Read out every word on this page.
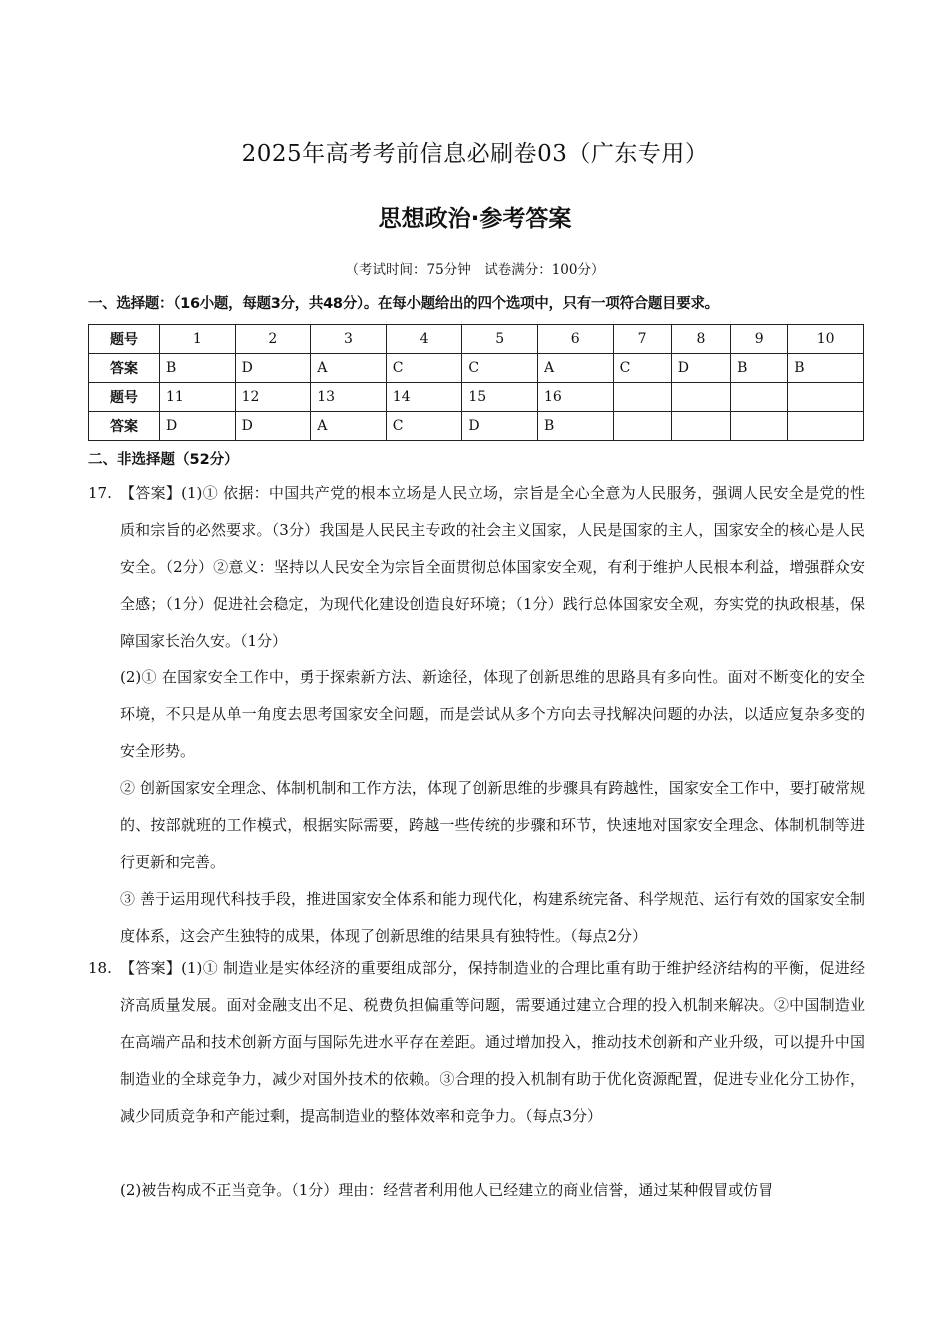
2025年高考考前信息必刷卷03（广东专用）
思想政治·参考答案
（考试时间：75分钟　试卷满分：100分）
一、选择题：（16小题，每题3分，共48分）。在每小题给出的四个选项中，只有一项符合题目要求。
题号	1	2	3	4	5	6	7	8	9	10
答案	B	D	A	C	C	A	C	D	B	B
题号	11	12	13	14	15	16				
答案	D	D	A	C	D	B				
二、非选择题（52分）
17. 【答案】(1)① 依据：中国共产党的根本立场是人民立场，宗旨是全心全意为人民服务，强调人民安全是党的性质和宗旨的必然要求。（3分）我国是人民民主专政的社会主义国家，人民是国家的主人，国家安全的核心是人民安全。（2分）②意义：坚持以人民安全为宗旨全面贯彻总体国家安全观，有利于维护人民根本利益，增强群众安全感；（1分）促进社会稳定，为现代化建设创造良好环境；（1分）践行总体国家安全观，夯实党的执政根基，保障国家长治久安。（1分）
(2)① 在国家安全工作中，勇于探索新方法、新途径，体现了创新思维的思路具有多向性。面对不断变化的安全环境，不只是从单一角度去思考国家安全问题，而是尝试从多个方向去寻找解决问题的办法，以适应复杂多变的安全形势。
② 创新国家安全理念、体制机制和工作方法，体现了创新思维的步骤具有跨越性，国家安全工作中，要打破常规的、按部就班的工作模式，根据实际需要，跨越一些传统的步骤和环节，快速地对国家安全理念、体制机制等进行更新和完善。
③ 善于运用现代科技手段，推进国家安全体系和能力现代化，构建系统完备、科学规范、运行有效的国家安全制度体系，这会产生独特的成果，体现了创新思维的结果具有独特性。（每点2分）
18. 【答案】(1)① 制造业是实体经济的重要组成部分，保持制造业的合理比重有助于维护经济结构的平衡，促进经济高质量发展。面对金融支出不足、税费负担偏重等问题，需要通过建立合理的投入机制来解决。②中国制造业在高端产品和技术创新方面与国际先进水平存在差距。通过增加投入，推动技术创新和产业升级，可以提升中国制造业的全球竞争力，减少对国外技术的依赖。③合理的投入机制有助于优化资源配置，促进专业化分工协作，减少同质竞争和产能过剩，提高制造业的整体效率和竞争力。（每点3分）
(2)被告构成不正当竞争。（1分）理由：经营者利用他人已经建立的商业信誉，通过某种假冒或仿冒
